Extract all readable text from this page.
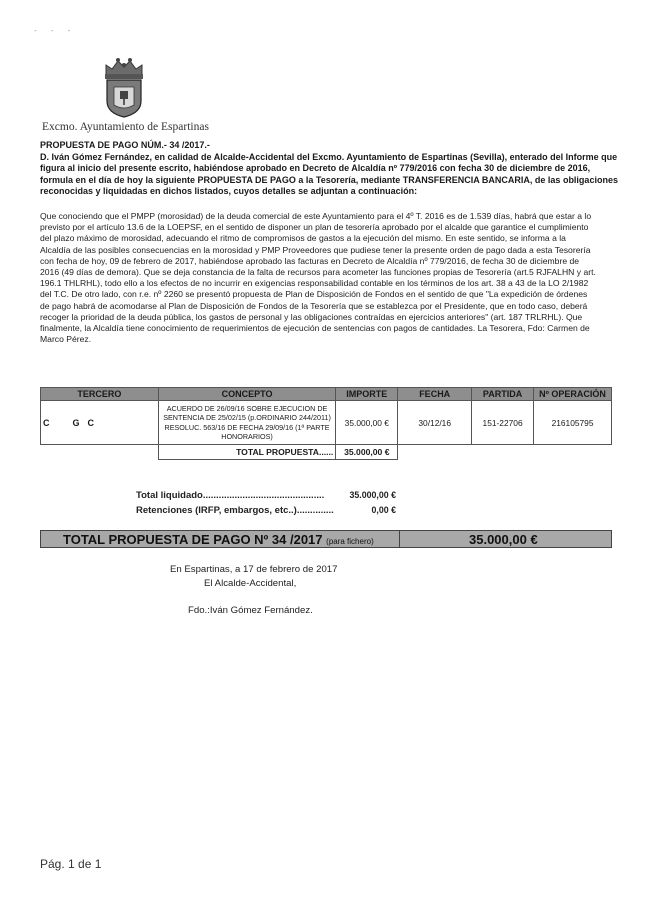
- - -
Excmo. Ayuntamiento de Espartinas
PROPUESTA DE PAGO NÚM.- 34 /2017.-
D. Iván Gómez Fernández, en calidad de Alcalde-Accidental del Excmo. Ayuntamiento de Espartinas (Sevilla), enterado del Informe que
figura al inicio del presente escrito, habiéndose aprobado en Decreto de Alcaldía nº 779/2016 con fecha 30 de diciembre de 2016,
formula en el día de hoy la siguiente PROPUESTA DE PAGO a la Tesorería, mediante TRANSFERENCIA BANCARIA, de las obligaciones
reconocidas y liquidadas en dichos listados, cuyos detalles se adjuntan a continuación:
Que conociendo que el PMPP (morosidad) de la deuda comercial de este Ayuntamiento para el 4º T. 2016 es de 1.539 días, habrá que estar a lo
previsto por el artículo 13.6 de la LOEPSF, en el sentido de disponer un plan de tesorería aprobado por el alcalde que garantice el cumplimiento
del plazo máximo de morosidad, adecuando el ritmo de compromisos de gastos a la ejecución del mismo. En este sentido, se informa a la
Alcaldía de las posibles consecuencias en la morosidad y PMP Proveedores que pudiese tener la presente orden de pago dada a esta Tesorería
con fecha de hoy, 09 de febrero de 2017, habiéndose aprobado las facturas en Decreto de Alcaldía nº 779/2016, de fecha 30 de diciembre de
2016 (49 días de demora). Que se deja constancia de la falta de recursos para acometer las funciones propias de Tesorería (art.5 RJFALHN y art.
196.1 THLRHL), todo ello a los efectos de no incurrir en exigencias responsabilidad contable en los términos de los art. 38 a 43 de la LO 2/1982
del T.C. De otro lado, con r.e. nº 2260 se presentó propuesta de Plan de Disposición de Fondos en el sentido de que "La expedición de órdenes
de pago habrá de acomodarse al Plan de Disposición de Fondos de la Tesorería que se establezca por el Presidente, que en todo caso, deberá
recoger la prioridad de la deuda pública, los gastos de personal y las obligaciones contraídas en ejercicios anteriores" (art. 187 TRLRHL). Que
finalmente, la Alcaldía tiene conocimiento de requerimientos de ejecución de sentencias con pagos de cantidades. La Tesorera, Fdo: Carmen de
Marco Pérez.
TERCERO	CONCEPTO	IMPORTE	FECHA	PARTIDA	Nº OPERACIÓN
C G C	ACUERDO DE 26/09/16 SOBRE EJECUCION DE
SENTENCIA DE 25/02/15 (p.ORDINARIO 244/2011)
RESOLUC. 563/16 DE FECHA 29/09/16 (1ª PARTE
HONORARIOS)	35.000,00 €	30/12/16	151-22706	216105795
	TOTAL PROPUESTA......	35.000,00 €			
Total liquidado..............................................	35.000,00 €
Retenciones (IRFP, embargos, etc..)..............	0,00 €
TOTAL PROPUESTA DE PAGO Nº 34 /2017 (para fichero)	35.000,00 €
En Espartinas, a 17 de febrero de 2017
El Alcalde-Accidental,
Fdo.:Iván Gómez Fernández.
Pág. 1 de 1
